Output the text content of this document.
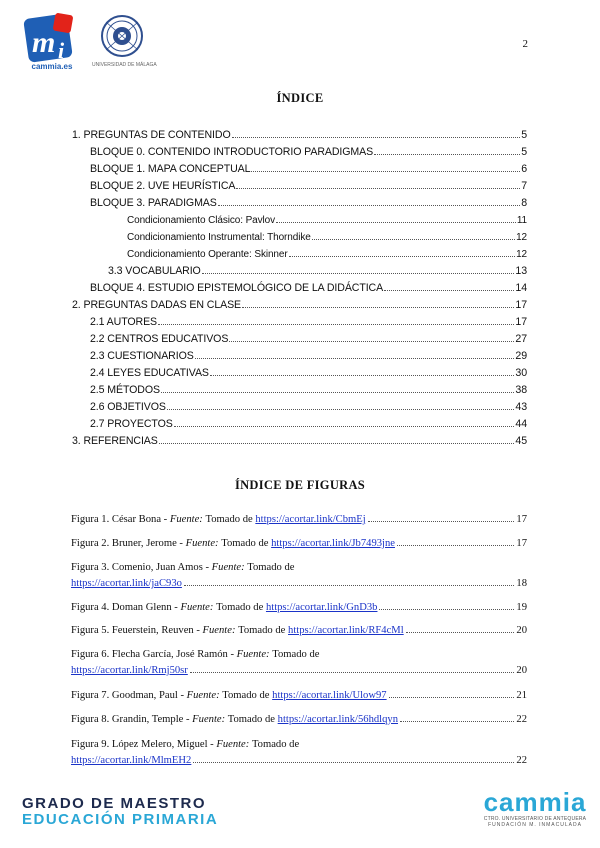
m i
cammia.es	UNIVERSIDAD DE MÁLAGA
2
ÍNDICE
1. PREGUNTAS DE CONTENIDO	5
BLOQUE 0. CONTENIDO INTRODUCTORIO PARADIGMAS	5
BLOQUE 1. MAPA CONCEPTUAL	6
BLOQUE 2. UVE HEURÍSTICA	7
BLOQUE 3. PARADIGMAS	8
Condicionamiento Clásico: Pavlov	11
Condicionamiento Instrumental: Thorndike	12
Condicionamiento Operante: Skinner	12
3.3 VOCABULARIO	13
BLOQUE 4. ESTUDIO EPISTEMOLÓGICO DE LA DIDÁCTICA	14
2. PREGUNTAS DADAS EN CLASE	17
2.1 AUTORES	17
2.2 CENTROS EDUCATIVOS	27
2.3 CUESTIONARIOS	29
2.4 LEYES EDUCATIVAS	30
2.5 MÉTODOS	38
2.6 OBJETIVOS	43
2.7 PROYECTOS	44
3. REFERENCIAS	45
ÍNDICE DE FIGURAS
Figura 1. César Bona -
Fuente:
Tomado de
https://acortar.link/CbmEj	17
Figura 2. Bruner, Jerome -
Fuente:
Tomado de
https://acortar.link/Jb7493jne	17
Figura 3. Comenio, Juan Amos -
Fuente:
Tomado de
https://acortar.link/jaC93o	18
Figura 4. Doman Glenn -
Fuente:
Tomado de
https://acortar.link/GnD3b	19
Figura 5. Feuerstein, Reuven -
Fuente:
Tomado de
https://acortar.link/RF4cMl	20
Figura 6. Flecha García, José Ramón -
Fuente:
Tomado de
https://acortar.link/Rmj50sr	20
Figura 7. Goodman, Paul -
Fuente:
Tomado de
https://acortar.link/Ulow97	21
Figura 8. Grandin, Temple -
Fuente:
Tomado de
https://acortar.link/56hdlqyn	22
Figura 9. López Melero, Miguel -
Fuente:
Tomado de
https://acortar.link/MlmEH2	22
GRADO DE MAESTRO
EDUCACIÓN PRIMARIA
cammia
CTRO. UNIVERSITARIO DE ANTEQUERA
FUNDACIÓN M. INMACULADA
